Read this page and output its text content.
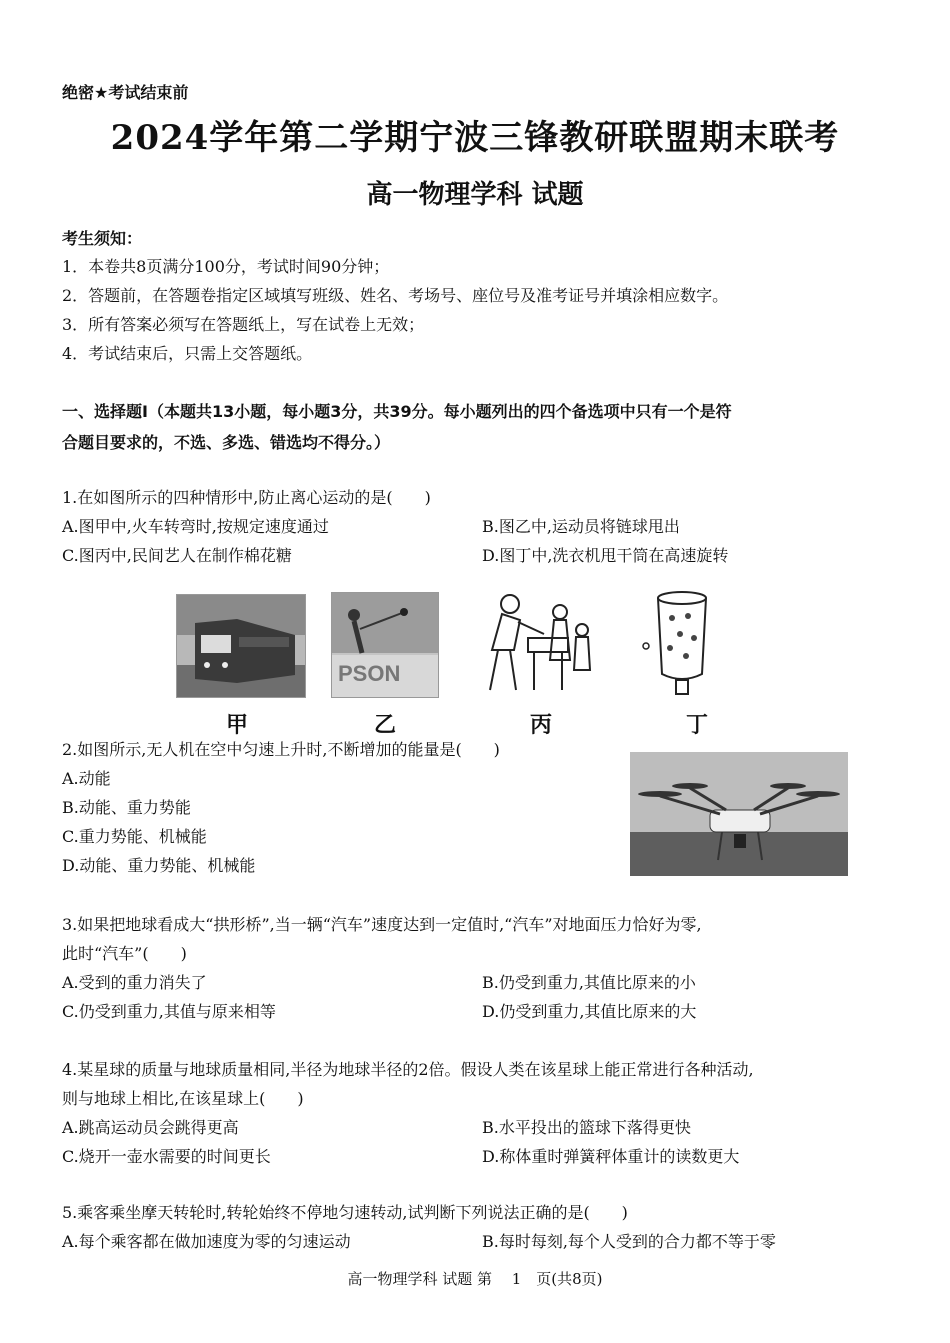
绝密★考试结束前
2024学年第二学期宁波三锋教研联盟期末联考
高一物理学科 试题
考生须知：
1．本卷共8页满分100分，考试时间90分钟；
2．答题前，在答题卷指定区域填写班级、姓名、考场号、座位号及准考证号并填涂相应数字。
3．所有答案必须写在答题纸上，写在试卷上无效；
4．考试结束后，只需上交答题纸。
一、选择题Ⅰ（本题共13小题，每小题3分，共39分。每小题列出的四个备选项中只有一个是符
合题目要求的，不选、多选、错选均不得分。）
1.在如图所示的四种情形中,防止离心运动的是(　　)
A.图甲中,火车转弯时,按规定速度通过	B.图乙中,运动员将链球甩出
C.图丙中,民间艺人在制作棉花糖	D.图丁中,洗衣机甩干筒在高速旋转
PSON
甲	乙	丙	丁
2.如图所示,无人机在空中匀速上升时,不断增加的能量是(　　)
A.动能
B.动能、重力势能
C.重力势能、机械能
D.动能、重力势能、机械能
3.如果把地球看成大“拱形桥”,当一辆“汽车”速度达到一定值时,“汽车”对地面压力恰好为零,
此时“汽车”(　　)
A.受到的重力消失了	B.仍受到重力,其值比原来的小
C.仍受到重力,其值与原来相等	D.仍受到重力,其值比原来的大
4.某星球的质量与地球质量相同,半径为地球半径的2倍。假设人类在该星球上能正常进行各种活动,
则与地球上相比,在该星球上(　　)
A.跳高运动员会跳得更高	B.水平投出的篮球下落得更快
C.烧开一壶水需要的时间更长	D.称体重时弹簧秤体重计的读数更大
5.乘客乘坐摩天转轮时,转轮始终不停地匀速转动,试判断下列说法正确的是(　　)
A.每个乘客都在做加速度为零的匀速运动	B.每时每刻,每个人受到的合力都不等于零
高一物理学科 试题 第　 1　页(共8页)
